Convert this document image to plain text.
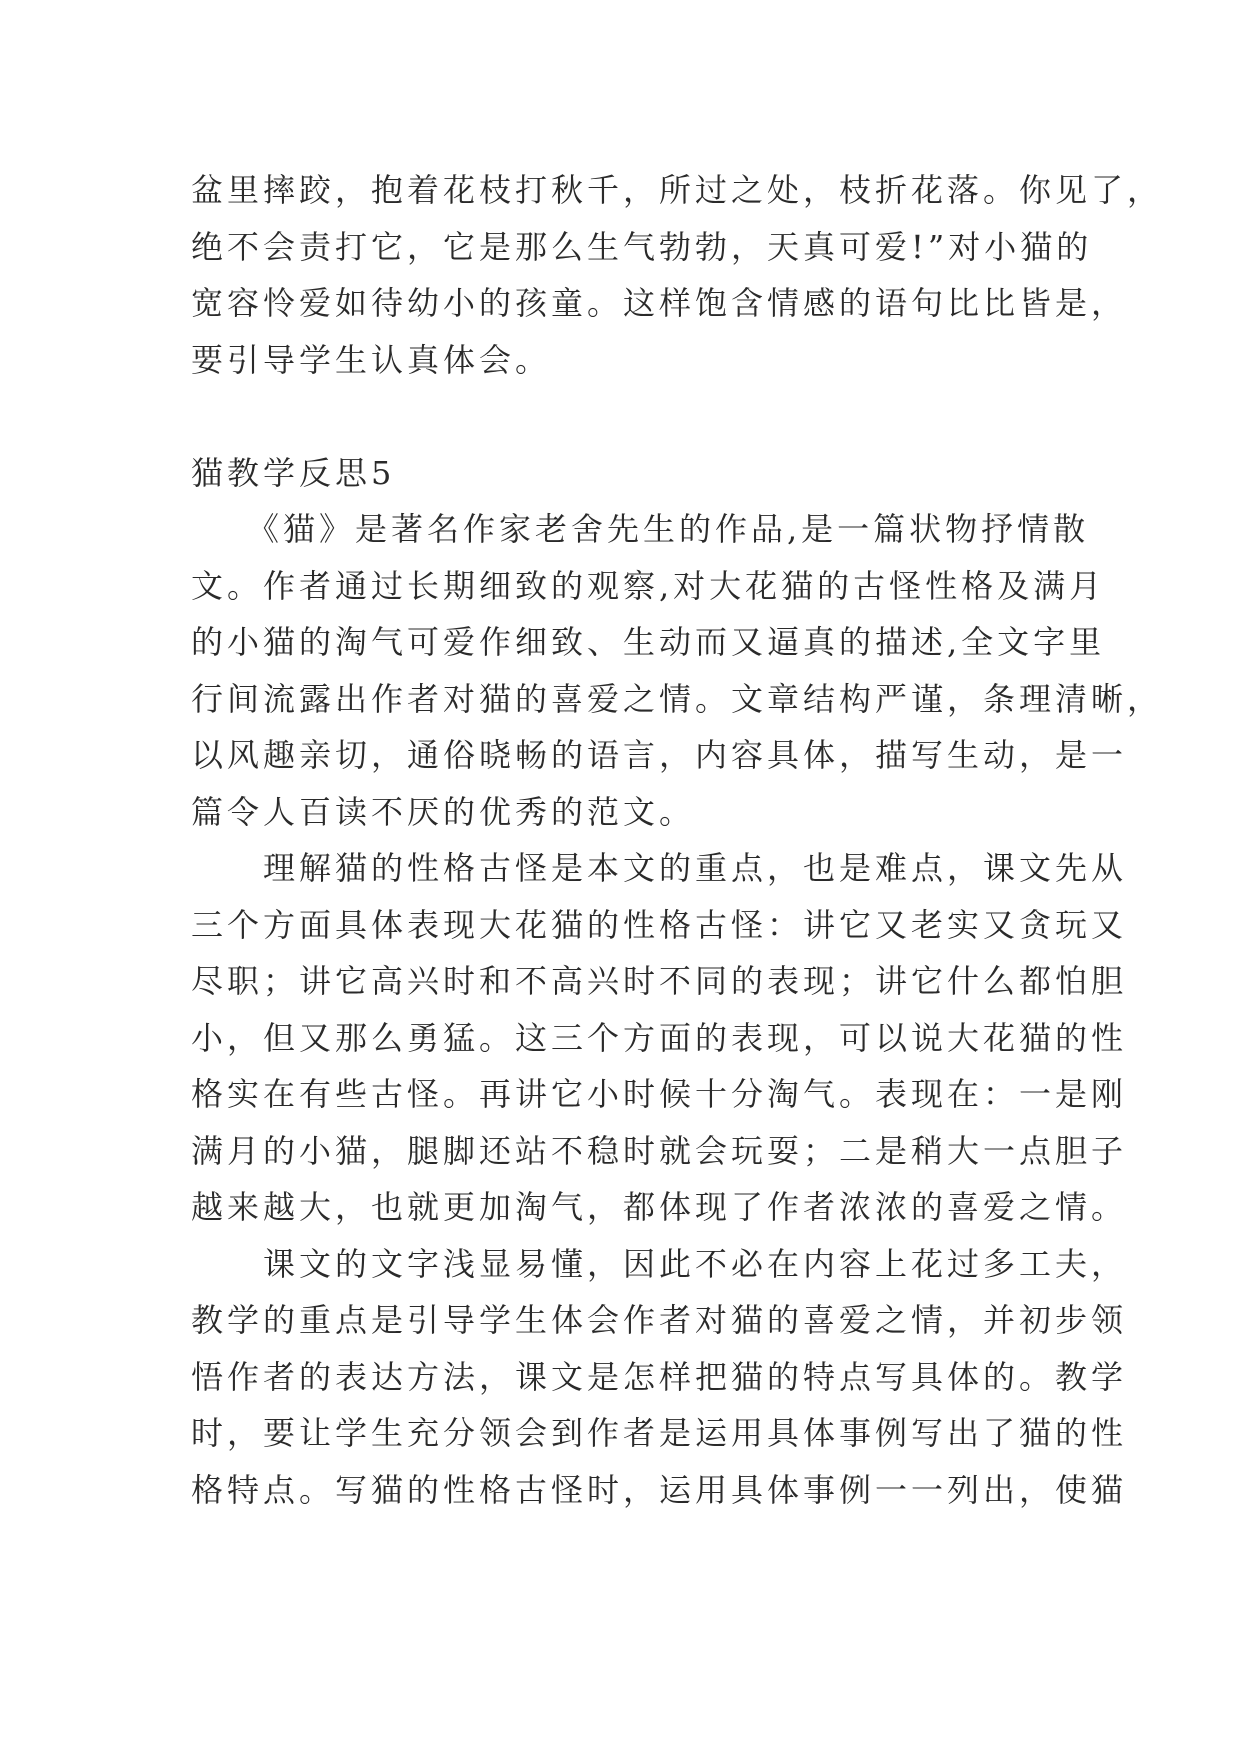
盆里摔跤，抱着花枝打秋千，所过之处，枝折花落。你见了，
绝不会责打它，它是那么生气勃勃，天真可爱!”对小猫的
宽容怜爱如待幼小的孩童。这样饱含情感的语句比比皆是，
要引导学生认真体会。
猫教学反思5
　　《猫》是著名作家老舍先生的作品,是一篇状物抒情散
文。作者通过长期细致的观察,对大花猫的古怪性格及满月
的小猫的淘气可爱作细致、生动而又逼真的描述,全文字里
行间流露出作者对猫的喜爱之情。文章结构严谨，条理清晰，
以风趣亲切，通俗晓畅的语言，内容具体，描写生动，是一
篇令人百读不厌的优秀的范文。
　　理解猫的性格古怪是本文的重点，也是难点，课文先从
三个方面具体表现大花猫的性格古怪：讲它又老实又贪玩又
尽职；讲它高兴时和不高兴时不同的表现；讲它什么都怕胆
小，但又那么勇猛。这三个方面的表现，可以说大花猫的性
格实在有些古怪。再讲它小时候十分淘气。表现在：一是刚
满月的小猫，腿脚还站不稳时就会玩耍；二是稍大一点胆子
越来越大，也就更加淘气，都体现了作者浓浓的喜爱之情。
　　课文的文字浅显易懂，因此不必在内容上花过多工夫，
教学的重点是引导学生体会作者对猫的喜爱之情，并初步领
悟作者的表达方法，课文是怎样把猫的特点写具体的。教学
时，要让学生充分领会到作者是运用具体事例写出了猫的性
格特点。写猫的性格古怪时，运用具体事例一一列出，使猫
